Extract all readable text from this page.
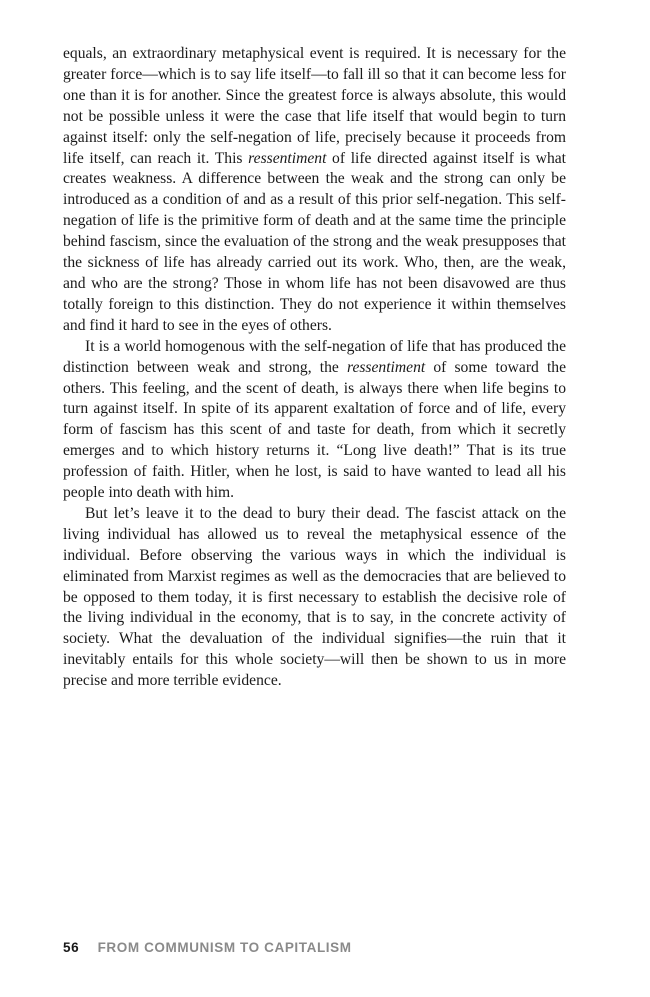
equals, an extraordinary metaphysical event is required. It is necessary for the greater force—which is to say life itself—to fall ill so that it can become less for one than it is for another. Since the greatest force is always absolute, this would not be possible unless it were the case that life itself that would begin to turn against itself: only the self-negation of life, precisely because it proceeds from life itself, can reach it. This ressentiment of life directed against itself is what creates weakness. A difference between the weak and the strong can only be introduced as a condition of and as a result of this prior self-negation. This self-negation of life is the primitive form of death and at the same time the principle behind fascism, since the evaluation of the strong and the weak presupposes that the sickness of life has already carried out its work. Who, then, are the weak, and who are the strong? Those in whom life has not been disavowed are thus totally foreign to this distinction. They do not experience it within themselves and find it hard to see in the eyes of others.

It is a world homogenous with the self-negation of life that has produced the distinction between weak and strong, the ressentiment of some toward the others. This feeling, and the scent of death, is always there when life begins to turn against itself. In spite of its apparent exaltation of force and of life, every form of fascism has this scent of and taste for death, from which it secretly emerges and to which history returns it. “Long live death!” That is its true profession of faith. Hitler, when he lost, is said to have wanted to lead all his people into death with him.

But let’s leave it to the dead to bury their dead. The fascist attack on the living individual has allowed us to reveal the metaphysical essence of the individual. Before observing the various ways in which the individual is eliminated from Marxist regimes as well as the democracies that are believed to be opposed to them today, it is first necessary to establish the decisive role of the living individual in the economy, that is to say, in the concrete activity of society. What the devaluation of the individual signifies—the ruin that it inevitably entails for this whole society—will then be shown to us in more precise and more terrible evidence.

56 FROM COMMUNISM TO CAPITALISM
